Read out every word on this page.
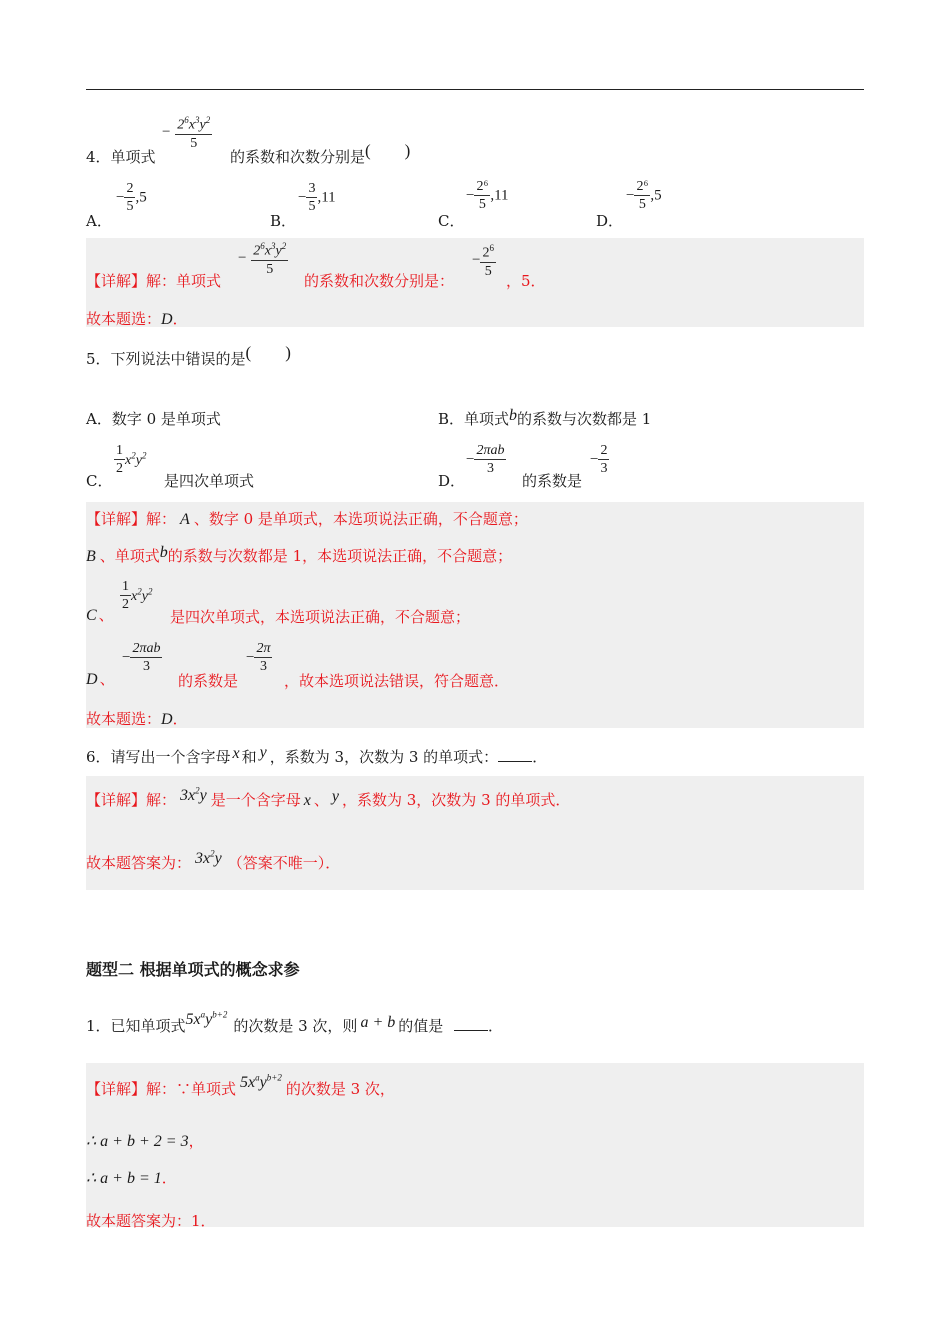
4．单项式
− $\frac{2^6x^3y^2}{5}$
的系数和次数分别是(        )
A．
− $\frac{2}{5} ,5$
B．
− $\frac{3}{5} ,11$
C．
− $\frac{\text{2⁶}}{5} ,11$
D．
− $\frac{\text{2⁶}}{5} ,5$
【详解】解：单项式
− $\frac{2^6x^3y^2}{5}$
的系数和次数分别是：
− $\frac{2^6}{5}$
，5．
故本题选：D．
5．下列说法中错误的是(        )
A．数字 0 是单项式	B．单项式b的系数与次数都是 1
C．
$\frac{1}{2} x^2y^2$
是四次单项式	D．
− $\frac{\text{2πab}}{3}$
的系数是
− $\frac{2}{3}$
【详解】解： A 、数字 0 是单项式，本选项说法正确，不合题意；
B 、单项式b的系数与次数都是 1，本选项说法正确，不合题意；
C 、
$\frac{1}{2} x^2y^2$
是四次单项式，本选项说法正确，不合题意；
D 、
− $\frac{\text{2πab}}{3}$
的系数是
− $\frac{2\pi}{3}$
，故本选项说法错误，符合题意．
故本题选：D．
6．请写出一个含字母 x 和 y ，系数为 3，次数为 3 的单项式： ．
【详解】解： $3x^2y$ 是一个含字母 x 、 y ，系数为 3，次数为 3 的单项式．
故本题答案为： $3x^2y$ （答案不唯一）．
题型二 根据单项式的概念求参
1．已知单项式$5x^ay^{b+2}$的次数是 3 次，则 a + b 的值是	．
【详解】解：∵单项式 $5x^ay^{b+2}$的次数是 3 次，
∴ a + b + 2 = 3，
∴ a + b = 1．
故本题答案为：1．
